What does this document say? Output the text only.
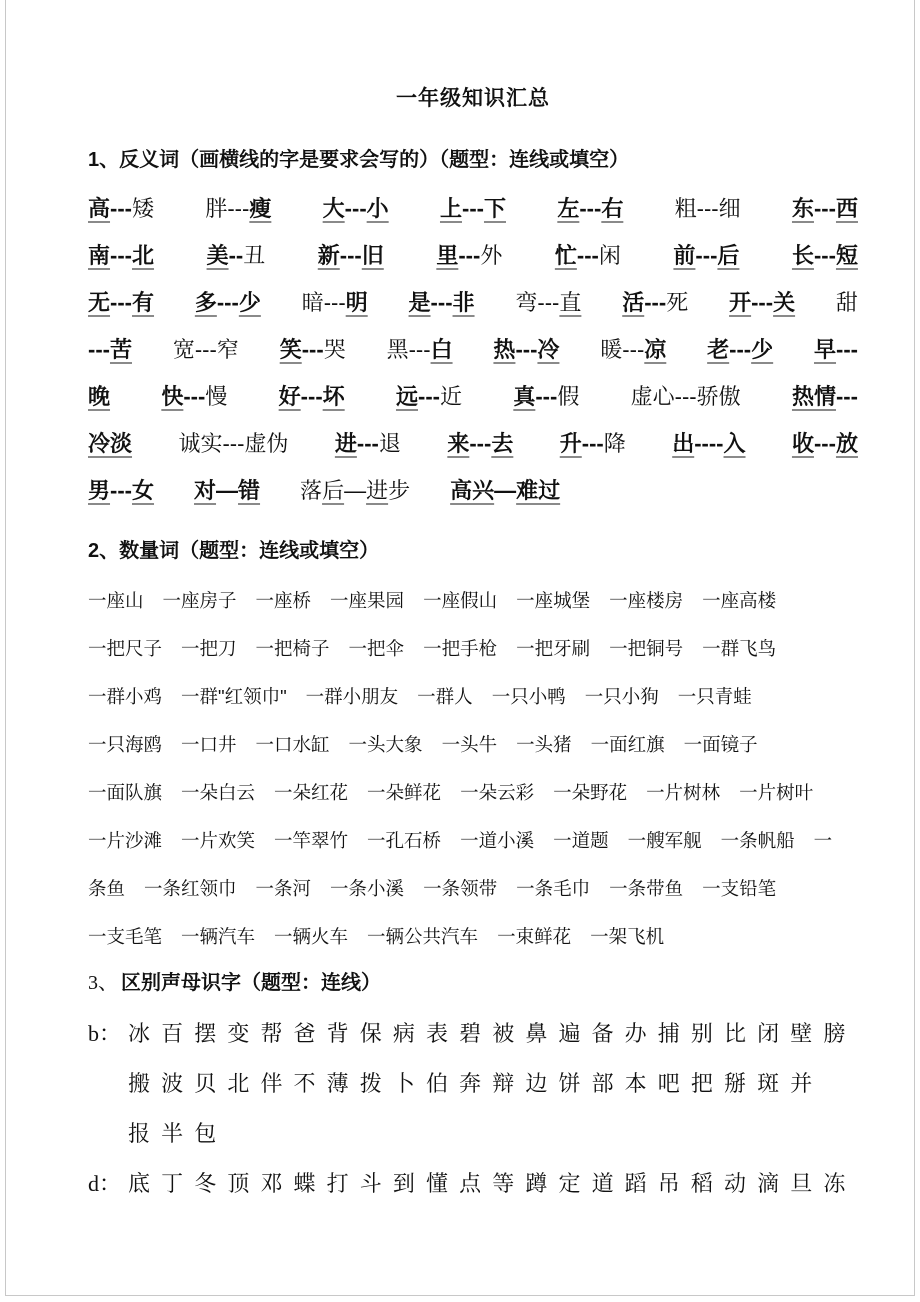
一年级知识汇总
1、反义词（画横线的字是要求会写的）（题型：连线或填空）
高---矮 胖---瘦 大---小 上---下 左---右 粗---细 东---西
南---北 美--丑 新---旧 里---外 忙---闲 前---后 长---短
无---有 多---少 暗---明 是---非 弯---直 活---死 开---关 甜
---苦 宽---窄 笑---哭 黑---白 热---冷 暖---凉 老---少 早---
晚 快---慢 好---坏 远---近 真---假 虚心---骄傲 热情---
冷淡 诚实---虚伪 进---退 来---去 升---降 出----入 收---放
男---女 对—错 落后—进步 高兴—难过
2、数量词（题型：连线或填空）
一座山 一座房子 一座桥 一座果园 一座假山 一座城堡 一座楼房 一座高楼
一把尺子 一把刀 一把椅子 一把伞 一把手枪 一把牙刷 一把铜号 一群飞鸟
一群小鸡 一群"红领巾" 一群小朋友 一群人 一只小鸭 一只小狗 一只青蛙
一只海鸥 一口井 一口水缸 一头大象 一头牛 一头猪 一面红旗 一面镜子
一面队旗 一朵白云 一朵红花 一朵鲜花 一朵云彩 一朵野花 一片树林 一片树叶
一片沙滩 一片欢笑 一竿翠竹 一孔石桥 一道小溪 一道题 一艘军舰 一条帆船 一
条鱼 一条红领巾 一条河 一条小溪 一条领带 一条毛巾 一条带鱼 一支铅笔
一支毛笔 一辆汽车 一辆火车 一辆公共汽车 一束鲜花 一架飞机
3、 区别声母识字（题型：连线）
b： 冰 百 摆 变 帮 爸 背 保 病 表 碧 被 鼻 遍 备 办 捕 别 比 闭 壁 膀
搬 波 贝 北 伴 不 薄 拨 卜 伯 奔 辩 边 饼 部 本 吧 把 掰 斑 并
报 半 包
d： 底 丁 冬 顶 邓 蝶 打 斗 到 懂 点 等 蹲 定 道 蹈 吊 稻 动 滴 旦 冻
